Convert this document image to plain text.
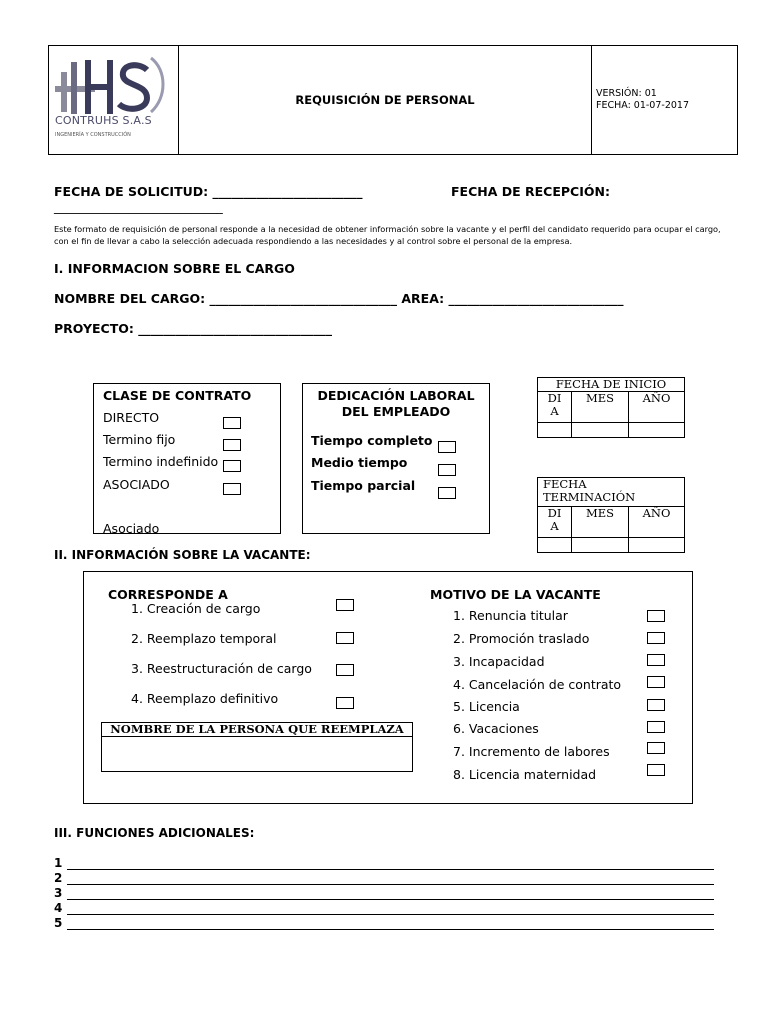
CONTRUHS S.A.S
INGENIERÍA Y CONSTRUCCIÓN
REQUISICIÓN DE PERSONAL	VERSIÓN: 01
FECHA: 01-07-2017
FECHA DE SOLICITUD: ________________________	FECHA DE RECEPCIÓN:
___________________________
Este formato de requisición de personal responde a la necesidad de obtener información sobre la vacante y el perfil del candidato requerido para ocupar el cargo, con el fin de llevar a cabo la selección adecuada respondiendo a las necesidades y al control sobre el personal de la empresa.
I. INFORMACION SOBRE EL CARGO
NOMBRE DEL CARGO: ______________________________ AREA: ____________________________
PROYECTO: _______________________________
CLASE DE CONTRATO
DIRECTO
Termino fijo
Termino indefinido
ASOCIADO
Asociado
DEDICACIÓN LABORAL
DEL EMPLEADO
Tiempo completo
Medio tiempo
Tiempo parcial
FECHA DE INICIO		
DI
A	MES	AÑO

FECHA
TERMINACIÓN		

DI
A	MES	AÑO

II. INFORMACIÓN SOBRE LA VACANTE:
CORRESPONDE A
1. Creación de cargo
2. Reemplazo temporal
3. Reestructuración de cargo
4. Reemplazo definitivo
NOMBRE DE LA PERSONA QUE REEMPLAZA

MOTIVO DE LA VACANTE
1. Renuncia titular
2. Promoción traslado
3. Incapacidad
4. Cancelación de contrato
5. Licencia
6. Vacaciones
7. Incremento de labores
8. Licencia maternidad
III. FUNCIONES ADICIONALES:
1
2
3
4
5
